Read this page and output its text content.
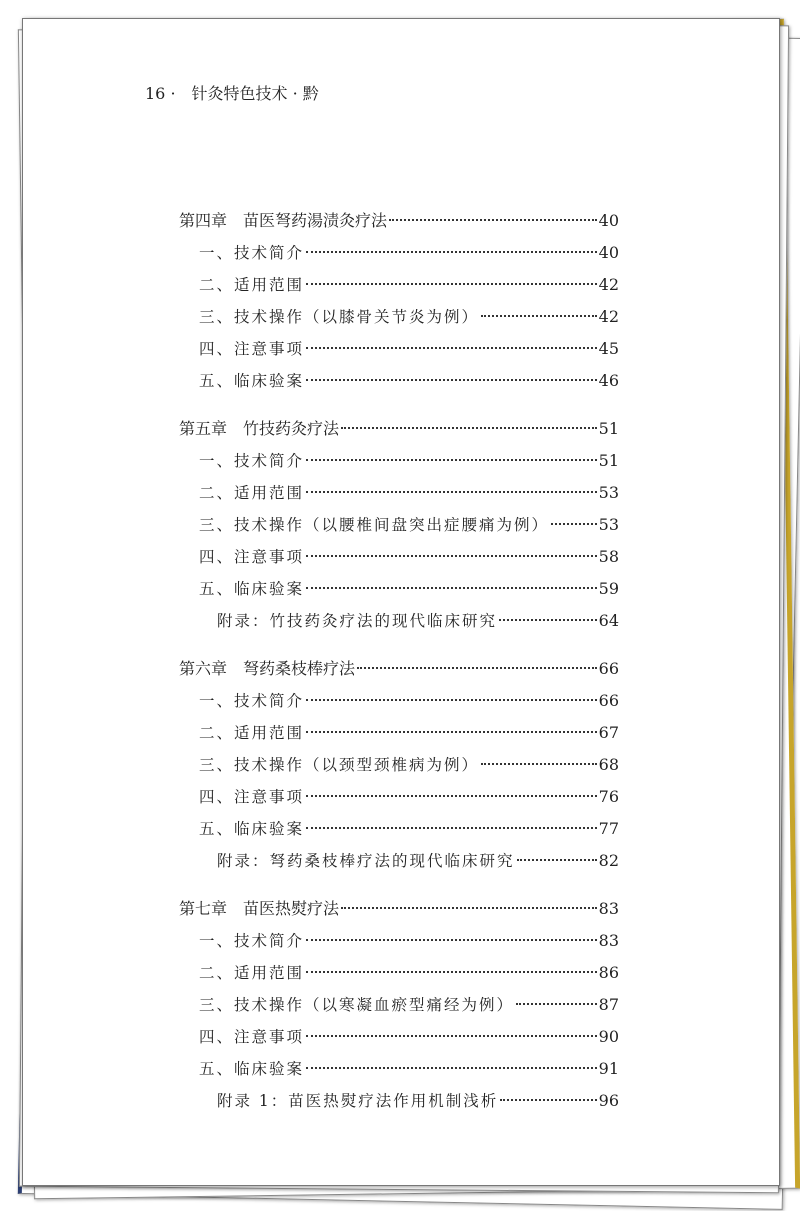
16 ·　针灸特色技术 · 黔
第四章　苗医弩药湯渍灸疗法	40
一、技术简介	40
二、适用范围	42
三、技术操作（以膝骨关节炎为例）	42
四、注意事项	45
五、临床验案	46
第五章　竹技药灸疗法	51
一、技术简介	51
二、适用范围	53
三、技术操作（以腰椎间盘突出症腰痛为例）	53
四、注意事项	58
五、临床验案	59
附录：竹技药灸疗法的现代临床研究	64
第六章　弩药桑枝棒疗法	66
一、技术简介	66
二、适用范围	67
三、技术操作（以颈型颈椎病为例）	68
四、注意事项	76
五、临床验案	77
附录：弩药桑枝棒疗法的现代临床研究	82
第七章　苗医热熨疗法	83
一、技术简介	83
二、适用范围	86
三、技术操作（以寒凝血瘀型痛经为例）	87
四、注意事项	90
五、临床验案	91
附录 1：苗医热熨疗法作用机制浅析	96
